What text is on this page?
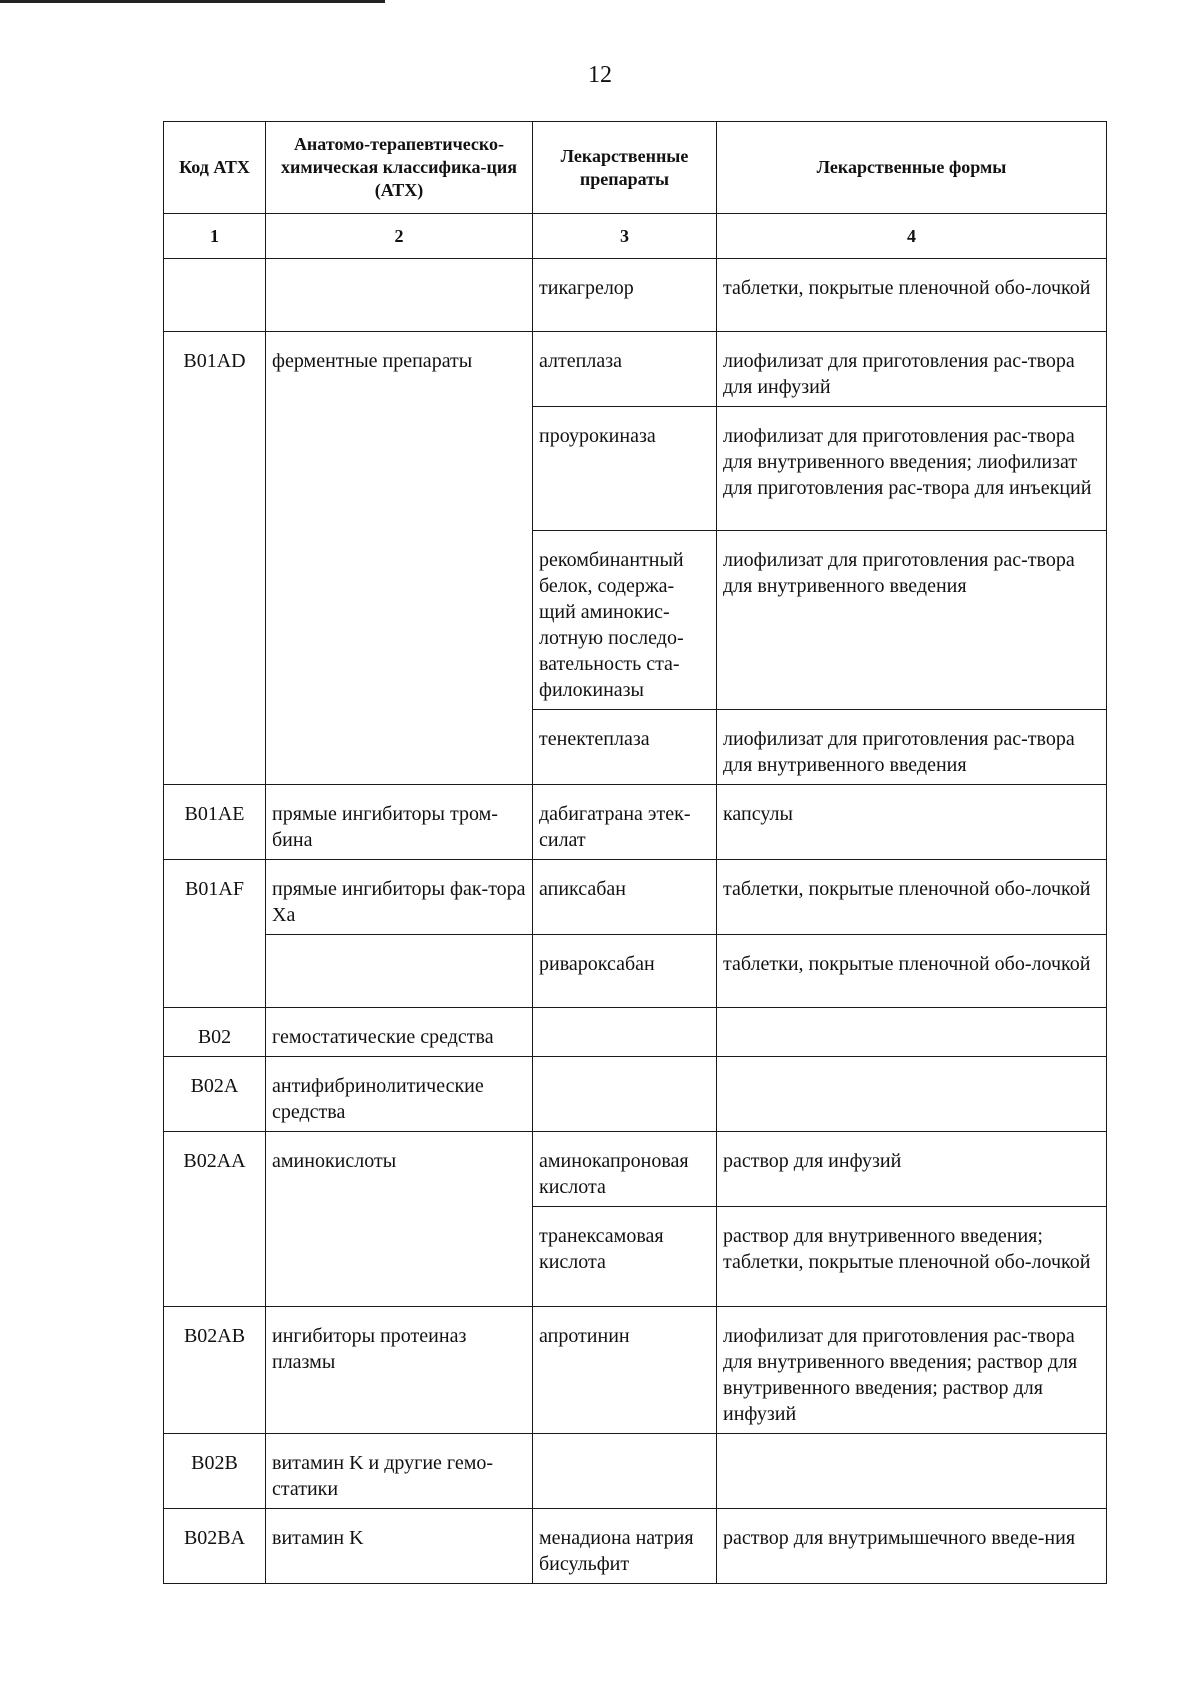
12
Код АТХ	Анатомо-терапевтическо-химическая классифика-ция (АТХ)	Лекарственные препараты	Лекарственные формы
1	2	3	4
		тикагрелор	таблетки, покрытые пленочной обо-лочкой
B01AD	ферментные препараты	алтеплаза	лиофилизат для приготовления рас-твора для инфузий
		проурокиназа	лиофилизат для приготовления рас-твора для внутривенного введения; лиофилизат для приготовления рас-твора для инъекций
		рекомбинантный белок, содержа-щий аминокис-лотную последо-вательность ста-филокиназы	лиофилизат для приготовления рас-твора для внутривенного введения
		тенектеплаза	лиофилизат для приготовления рас-твора для внутривенного введения
B01AE	прямые ингибиторы тром-бина	дабигатрана этек-силат	капсулы
B01AF	прямые ингибиторы фак-тора Xa	апиксабан	таблетки, покрытые пленочной обо-лочкой
		ривароксабан	таблетки, покрытые пленочной обо-лочкой
B02	гемостатические средства		
B02A	антифибринолитические средства		
B02AA	аминокислоты	аминокапроновая кислота	раствор для инфузий
		транексамовая кислота	раствор для внутривенного введения; таблетки, покрытые пленочной обо-лочкой
B02AB	ингибиторы протеиназ плазмы	апротинин	лиофилизат для приготовления рас-твора для внутривенного введения; раствор для внутривенного введения; раствор для инфузий
B02B	витамин K и другие гемо-статики		
B02BA	витамин K	менадиона натрия бисульфит	раствор для внутримышечного введе-ния
